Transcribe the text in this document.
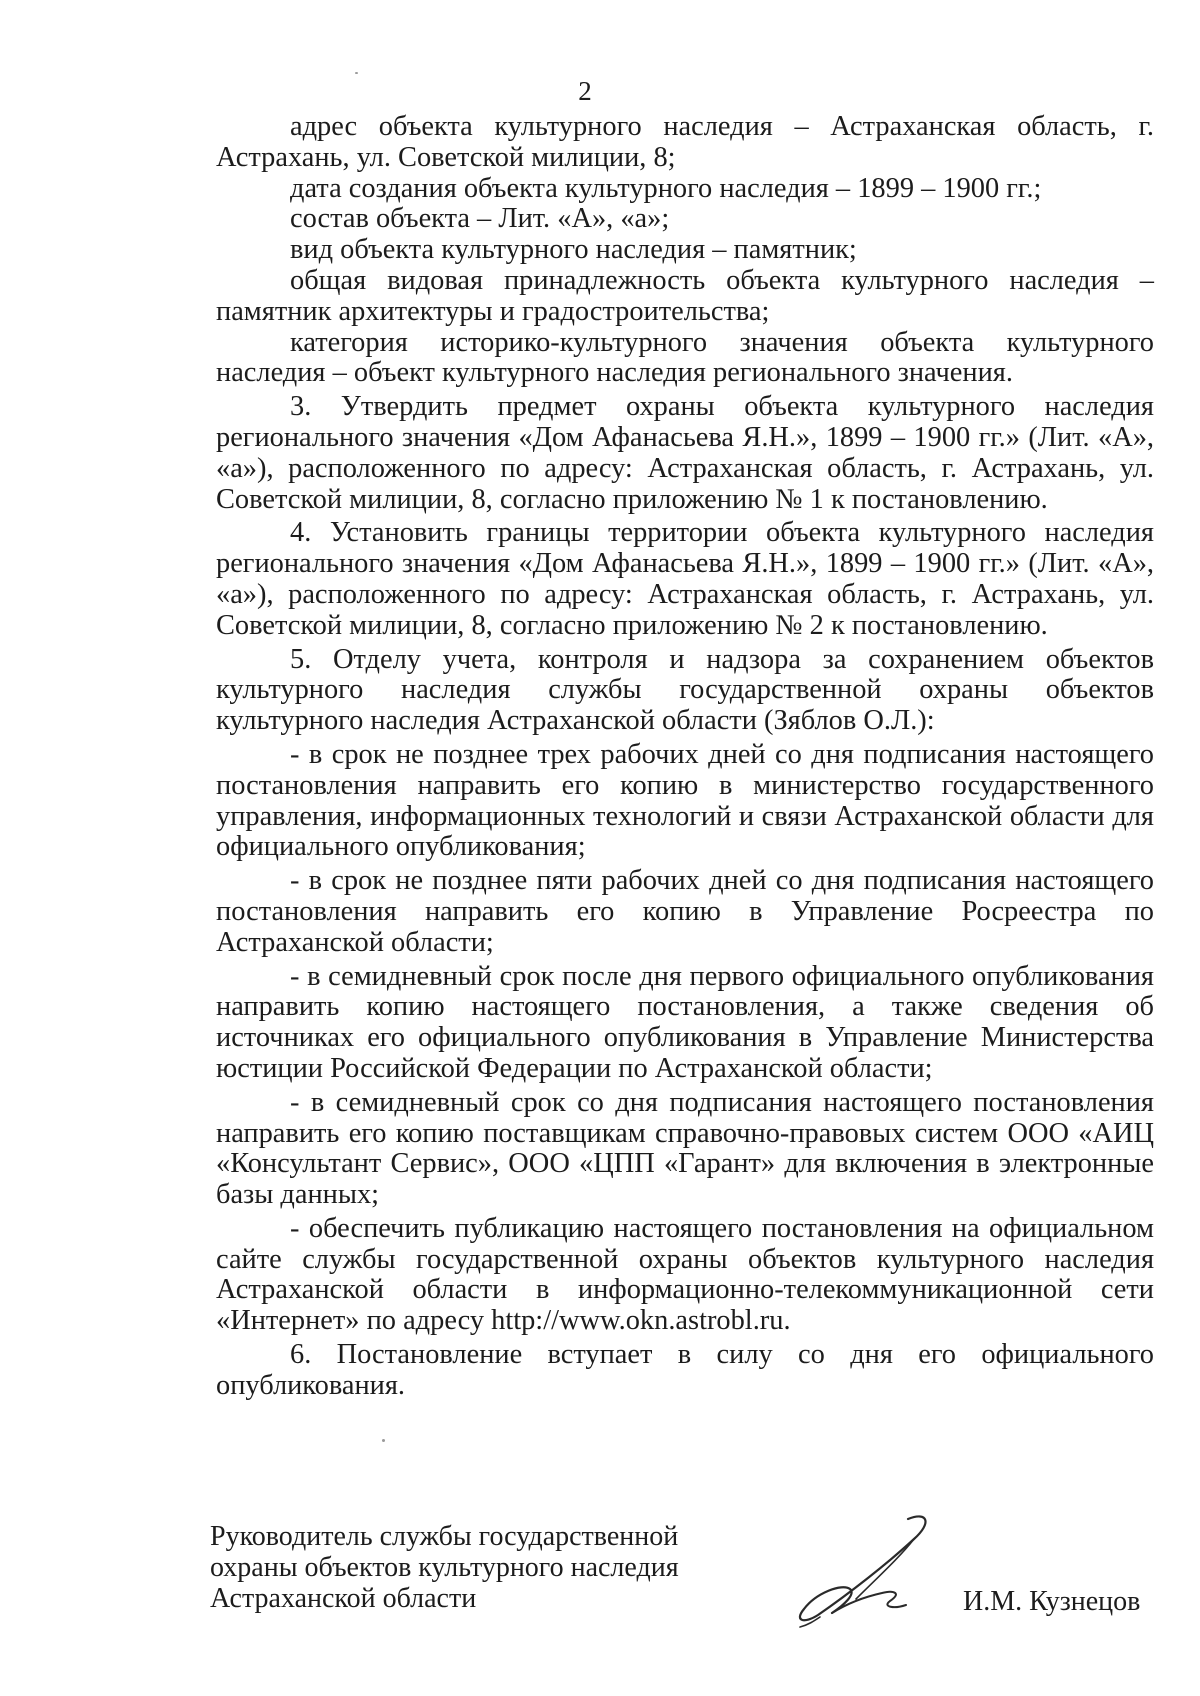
2

адрес объекта культурного наследия – Астраханская область, г. Астрахань, ул. Советской милиции, 8;

дата создания объекта культурного наследия – 1899 – 1900 гг.;

состав объекта – Лит. «А», «а»;

вид объекта культурного наследия – памятник;

общая видовая принадлежность объекта культурного наследия – памятник архитектуры и градостроительства;

категория историко-культурного значения объекта культурного наследия – объект культурного наследия регионального значения.

3. Утвердить предмет охраны объекта культурного наследия регионального значения «Дом Афанасьева Я.Н.», 1899 – 1900 гг.» (Лит. «А», «а»), расположенного по адресу: Астраханская область, г. Астрахань, ул. Советской милиции, 8, согласно приложению № 1 к постановлению.

4. Установить границы территории объекта культурного наследия регионального значения «Дом Афанасьева Я.Н.», 1899 – 1900 гг.» (Лит. «А», «а»), расположенного по адресу: Астраханская область, г. Астрахань, ул. Советской милиции, 8, согласно приложению № 2 к постановлению.

5. Отделу учета, контроля и надзора за сохранением объектов культурного наследия службы государственной охраны объектов культурного наследия Астраханской области (Зяблов О.Л.):

- в срок не позднее трех рабочих дней со дня подписания настоящего постановления направить его копию в министерство государственного управления, информационных технологий и связи Астраханской области для официального опубликования;

- в срок не позднее пяти рабочих дней со дня подписания настоящего постановления направить его копию в Управление Росреестра по Астраханской области;

- в семидневный срок после дня первого официального опубликования направить копию настоящего постановления, а также сведения об источниках его официального опубликования в Управление Министерства юстиции Российской Федерации по Астраханской области;

- в семидневный срок со дня подписания настоящего постановления направить его копию поставщикам справочно-правовых систем ООО «АИЦ «Консультант Сервис», ООО «ЦПП «Гарант» для включения в электронные базы данных;

- обеспечить публикацию настоящего постановления на официальном сайте службы государственной охраны объектов культурного наследия Астраханской области в информационно-телекоммуникационной сети «Интернет» по адресу http://www.okn.astrobl.ru.

6. Постановление вступает в силу со дня его официального опубликования.

Руководитель службы государственной
охраны объектов культурного наследия
Астраханской области	И.М. Кузнецов
